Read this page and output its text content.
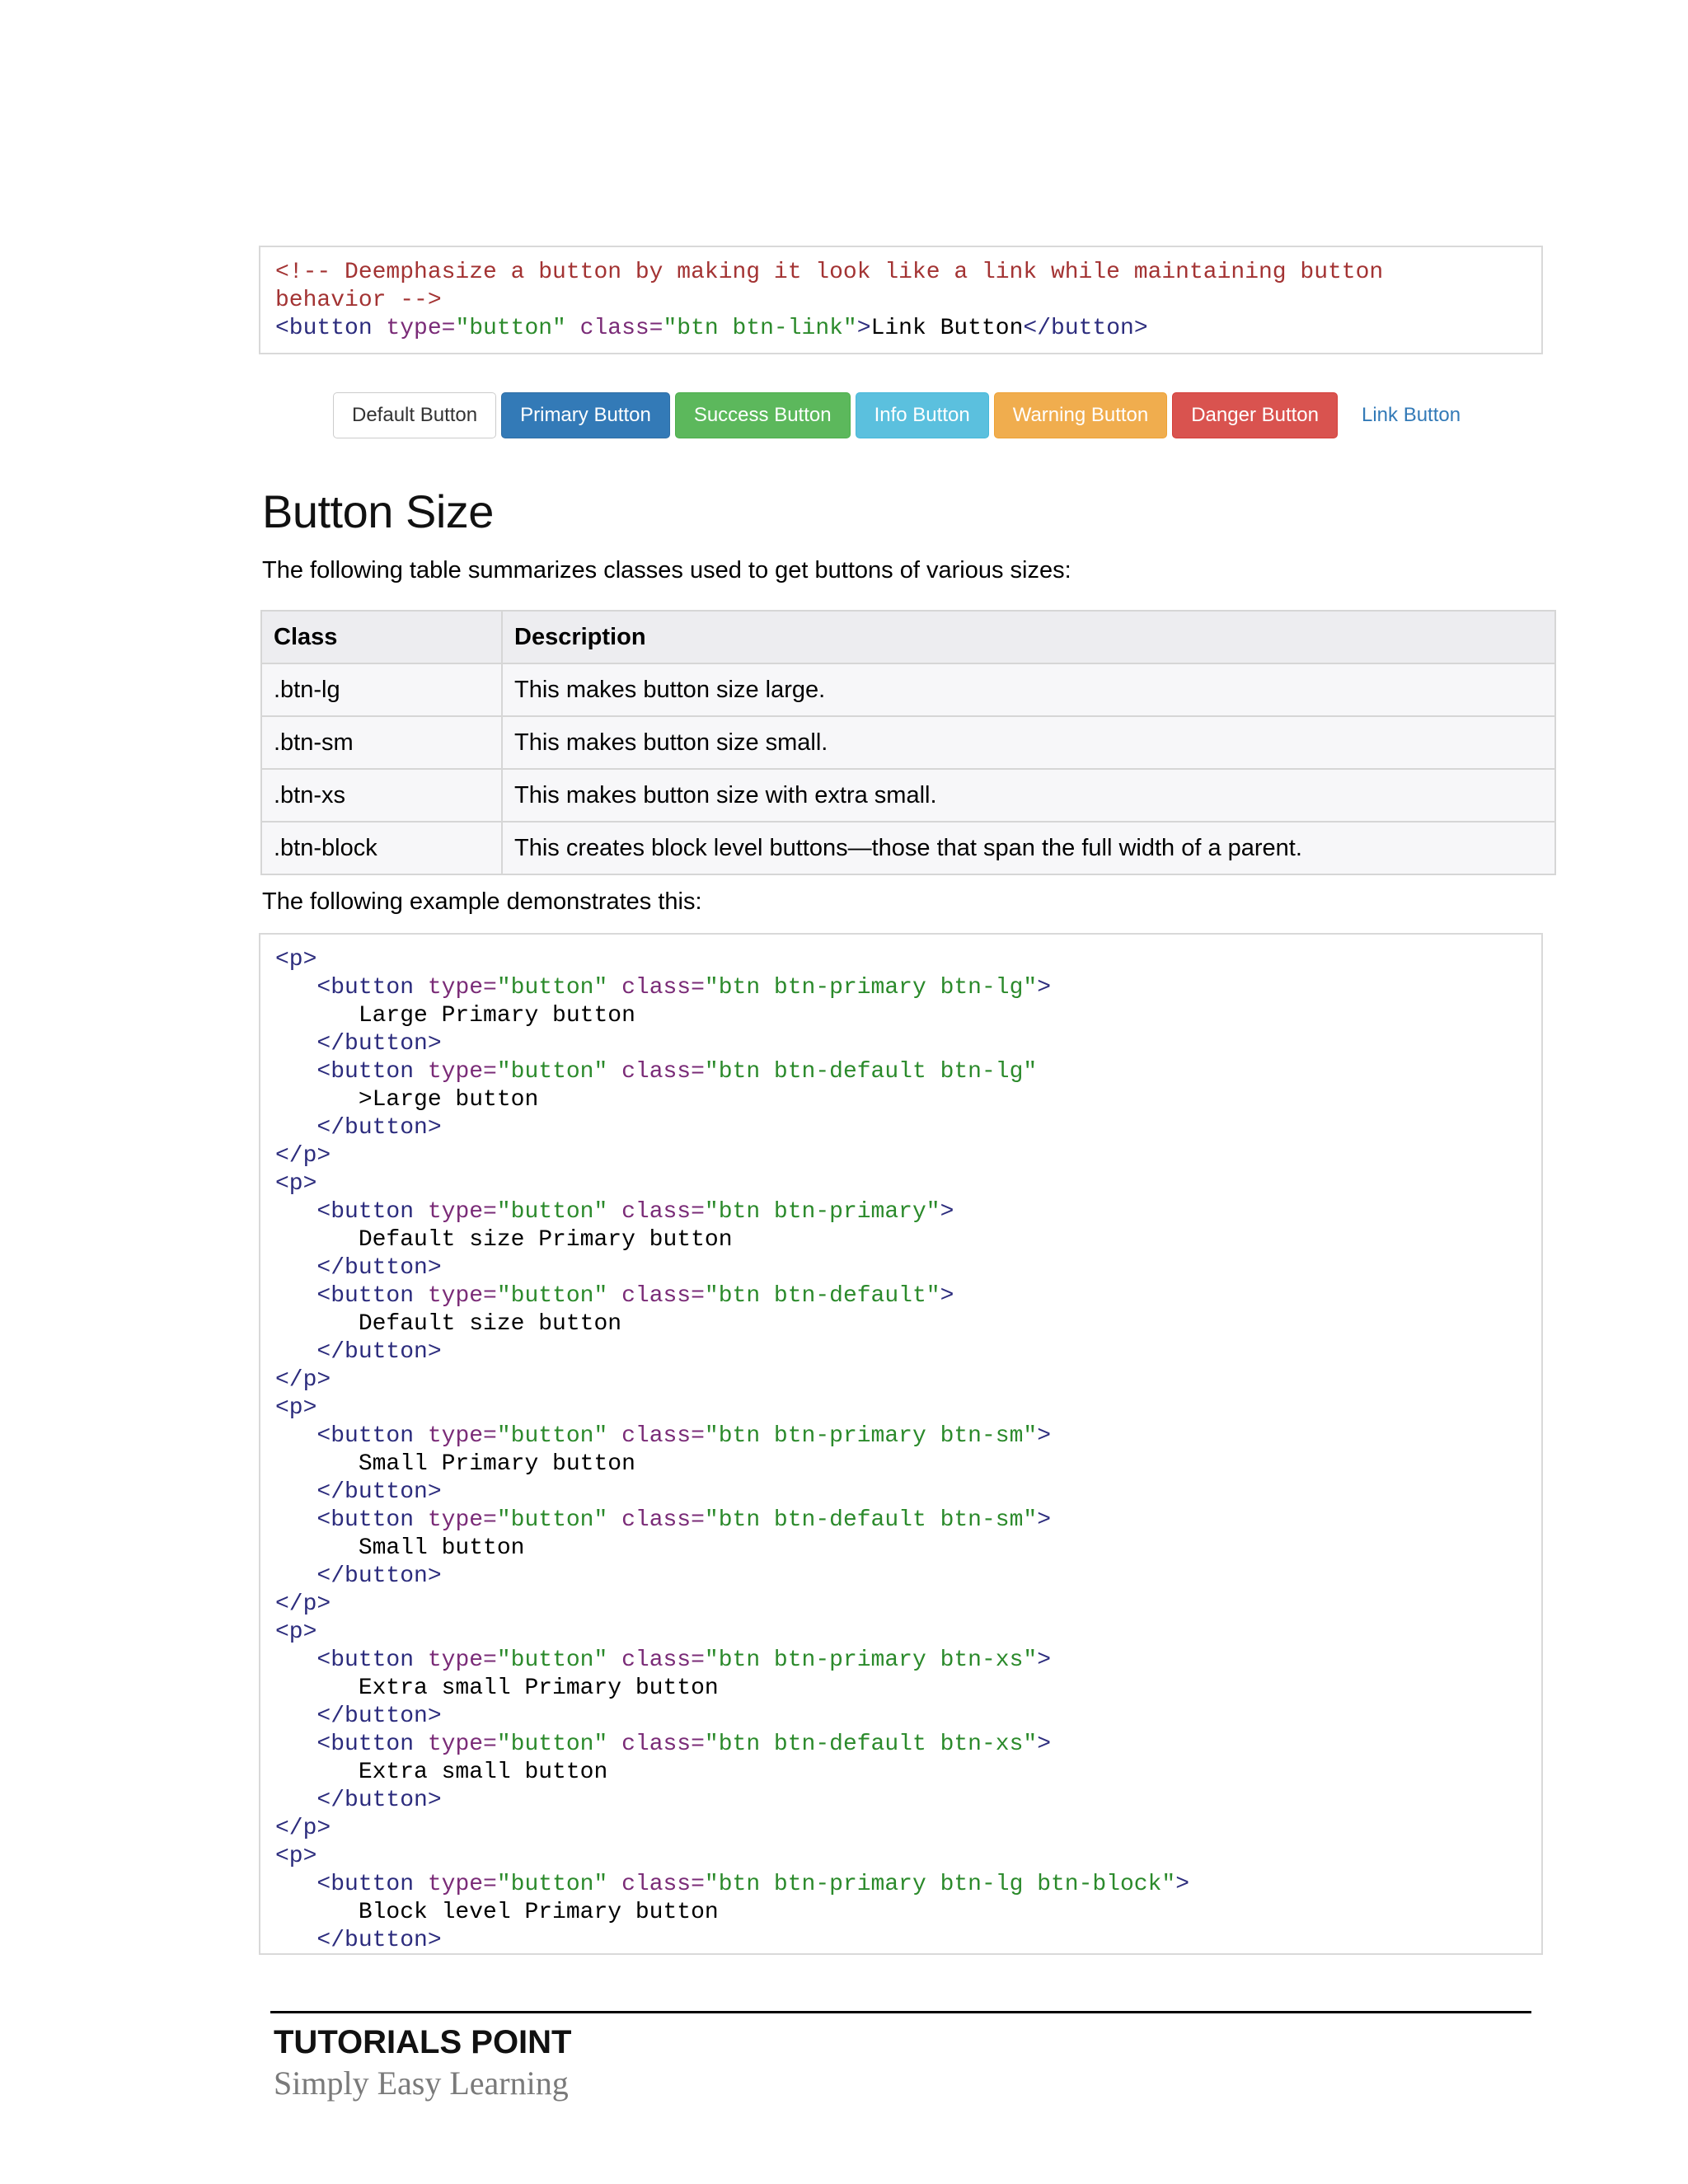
<!-- Deemphasize a button by making it look like a link while maintaining button
behavior -->
<button type="button" class="btn btn-link">Link Button</button>
Default Button	Primary Button	Success Button	Info Button	Warning Button	Danger Button	Link Button
Button Size
The following table summarizes classes used to get buttons of various sizes:
Class	Description
.btn-lg	This makes button size large.
.btn-sm	This makes button size small.
.btn-xs	This makes button size with extra small.
.btn-block	This creates block level buttons—those that span the full width of a parent.
The following example demonstrates this:
<p>
<button type="button" class="btn btn-primary btn-lg">
Large Primary button
</button>
<button type="button" class="btn btn-default btn-lg"
>Large button
</button>
</p>
<p>
<button type="button" class="btn btn-primary">
Default size Primary button
</button>
<button type="button" class="btn btn-default">
Default size button
</button>
</p>
<p>
<button type="button" class="btn btn-primary btn-sm">
Small Primary button
</button>
<button type="button" class="btn btn-default btn-sm">
Small button
</button>
</p>
<p>
<button type="button" class="btn btn-primary btn-xs">
Extra small Primary button
</button>
<button type="button" class="btn btn-default btn-xs">
Extra small button
</button>
</p>
<p>
<button type="button" class="btn btn-primary btn-lg btn-block">
Block level Primary button
</button>
TUTORIALS POINT
Simply Easy Learning
